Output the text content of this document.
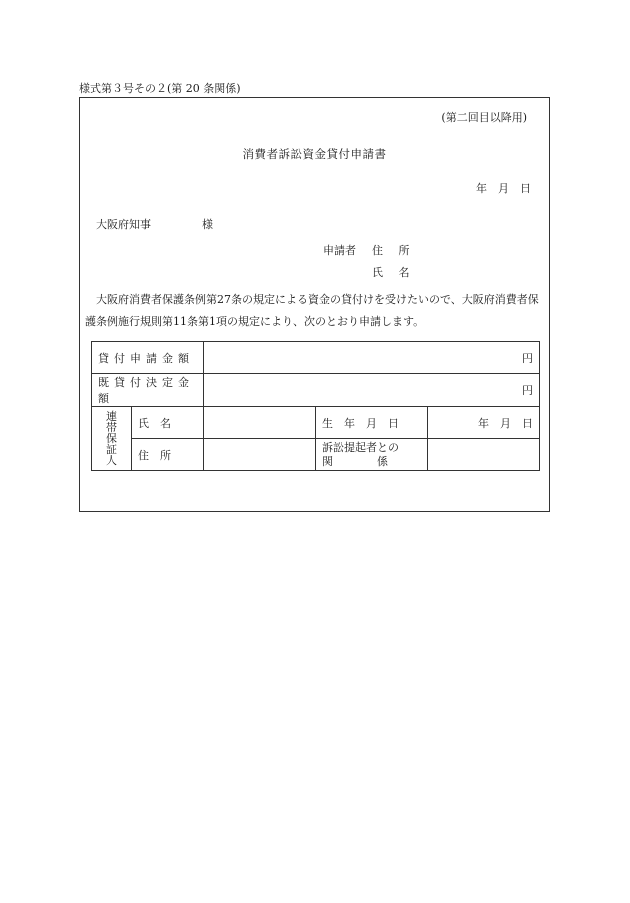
様式第３号その２(第 20 条関係)
(第二回目以降用)
消費者訴訟資金貸付申請書
年　月　日
大阪府知事	様
申請者 住 所
氏 名
大阪府消費者保護条例第27条の規定による資金の貸付けを受けたいので、大阪府消費者保護条例施行規則第11条第1項の規定により、次のとおり申請します。
貸付申請金額		円		
既貸付決定金額		円		

連帯保証人	氏　名		生　年　月　日	年　月　日
	住　所		訴訟提起者との
関　　　　係	
